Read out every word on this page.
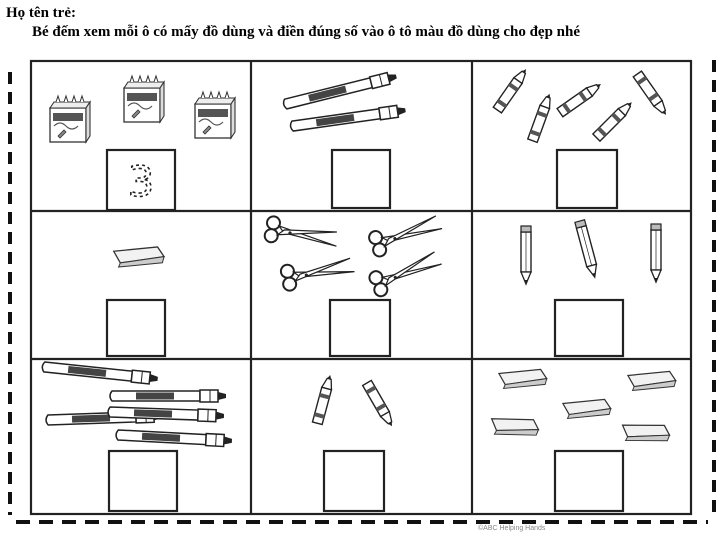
Họ tên trẻ:
Bé đếm xem mỗi ô có mấy đồ dùng và điền đúng số vào ô tô màu đồ dùng cho đẹp nhé
3
©ABC Helping Hands
